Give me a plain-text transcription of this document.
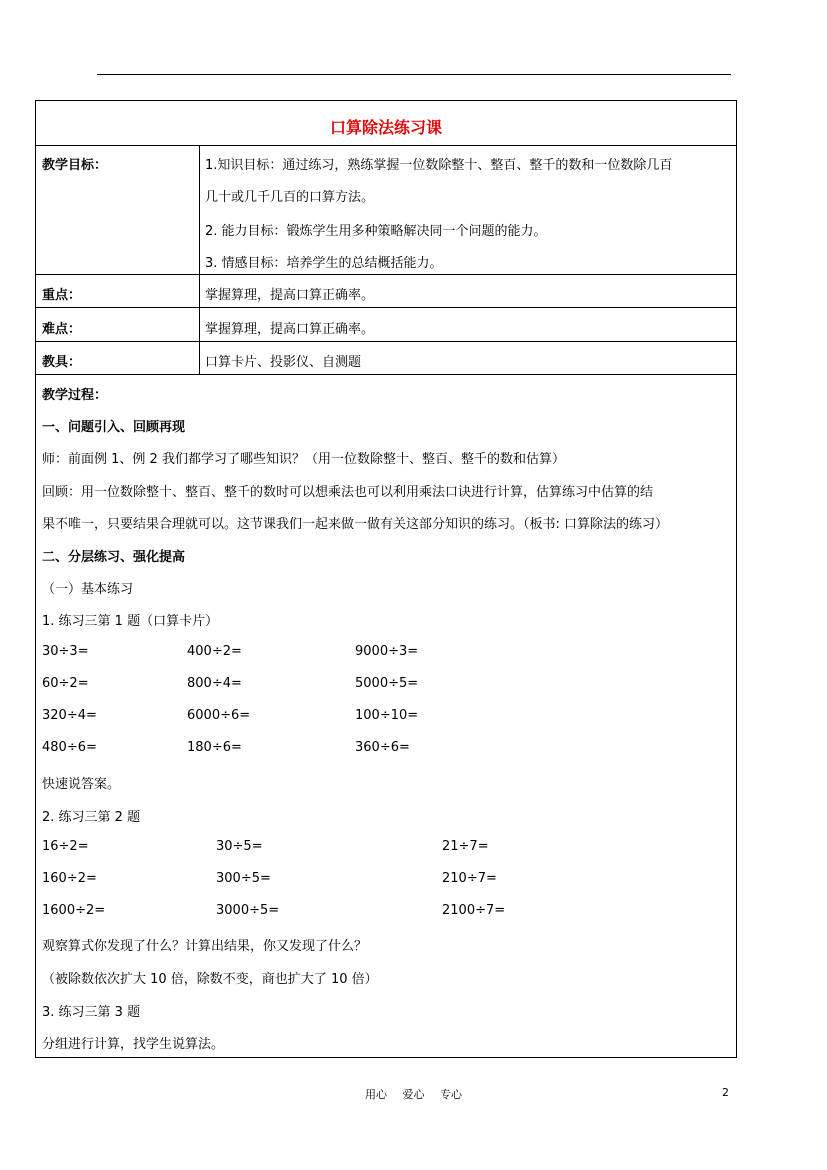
口算除法练习课
教学目标：	1.知识目标：通过练习，熟练掌握一位数除整十、整百、整千的数和一位数除几百
几十或几千几百的口算方法。
2. 能力目标：锻炼学生用多种策略解决同一个问题的能力。
3. 情感目标：培养学生的总结概括能力。
重点：	掌握算理，提高口算正确率。
难点：	掌握算理，提高口算正确率。
教具：	口算卡片、投影仪、自测题
教学过程：
一、问题引入、回顾再现
师：前面例 1、例 2 我们都学习了哪些知识？（用一位数除整十、整百、整千的数和估算）
回顾：用一位数除整十、整百、整千的数时可以想乘法也可以利用乘法口诀进行计算，估算练习中估算的结
果不唯一，只要结果合理就可以。这节课我们一起来做一做有关这部分知识的练习。（板书: 口算除法的练习）
二、分层练习、强化提高
（一）基本练习
1. 练习三第 1 题（口算卡片）
30÷3=	400÷2=	9000÷3=
60÷2=	800÷4=	5000÷5=
320÷4=	6000÷6=	100÷10=
480÷6=	180÷6=	360÷6=
快速说答案。
2. 练习三第 2 题
16÷2=	30÷5=	21÷7=
160÷2=	300÷5=	210÷7=
1600÷2=	3000÷5=	2100÷7=
观察算式你发现了什么？计算出结果，你又发现了什么？
（被除数依次扩大 10 倍，除数不变，商也扩大了 10 倍）
3. 练习三第 3 题
分组进行计算，找学生说算法。
用心 爱心 专心	2
